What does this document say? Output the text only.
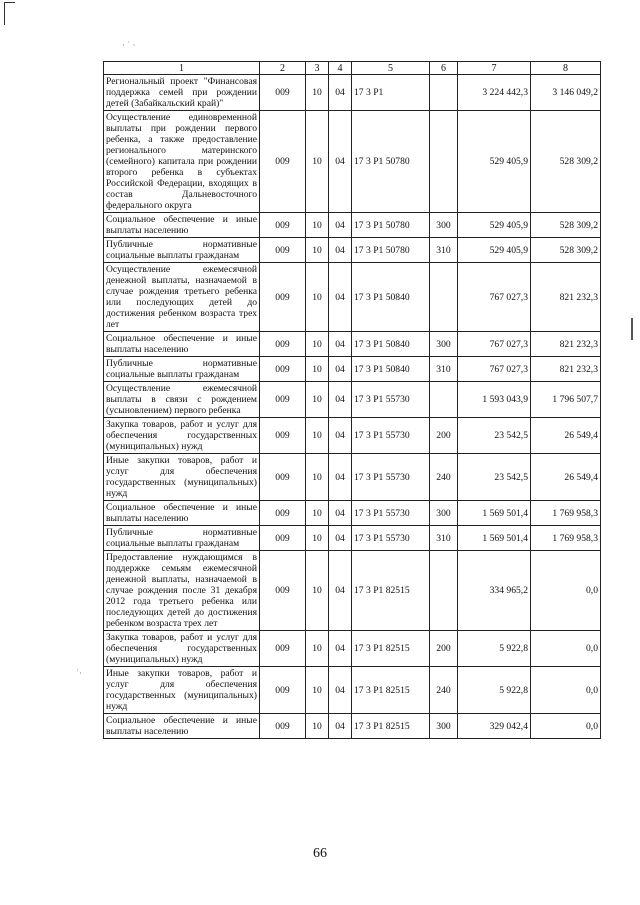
· ˙ ·
˙·
1	2	3	4	5	6	7	8
Региональный проект "Финансовая поддержка семей при рождении детей (Забайкальский край)"	009	10	04	17 3 P1		3 224 442,3	3 146 049,2
Осуществление единовременной выплаты при рождении первого ребенка, а также предоставление регионального материнского (семейного) капитала при рождении второго ребенка в субъектах Российской Федерации, входящих в состав Дальневосточного федерального округа	009	10	04	17 3 P1 50780		529 405,9	528 309,2
Социальное обеспечение и иные выплаты населению	009	10	04	17 3 P1 50780	300	529 405,9	528 309,2
Публичные нормативные социальные выплаты гражданам	009	10	04	17 3 P1 50780	310	529 405,9	528 309,2
Осуществление ежемесячной денежной выплаты, назначаемой в случае рождения третьего ребенка или последующих детей до достижения ребенком возраста трех лет	009	10	04	17 3 P1 50840		767 027,3	821 232,3
Социальное обеспечение и иные выплаты населению	009	10	04	17 3 P1 50840	300	767 027,3	821 232,3
Публичные нормативные социальные выплаты гражданам	009	10	04	17 3 P1 50840	310	767 027,3	821 232,3
Осуществление ежемесячной выплаты в связи с рождением (усыновлением) первого ребенка	009	10	04	17 3 P1 55730		1 593 043,9	1 796 507,7
Закупка товаров, работ и услуг для обеспечения государственных (муниципальных) нужд	009	10	04	17 3 P1 55730	200	23 542,5	26 549,4
Иные закупки товаров, работ и услуг для обеспечения государственных (муниципальных) нужд	009	10	04	17 3 P1 55730	240	23 542,5	26 549,4
Социальное обеспечение и иные выплаты населению	009	10	04	17 3 P1 55730	300	1 569 501,4	1 769 958,3
Публичные нормативные социальные выплаты гражданам	009	10	04	17 3 P1 55730	310	1 569 501,4	1 769 958,3
Предоставление нуждающимся в поддержке семьям ежемесячной денежной выплаты, назначаемой в случае рождения после 31 декабря 2012 года третьего ребенка или последующих детей до достижения ребенком возраста трех лет	009	10	04	17 3 P1 82515		334 965,2	0,0
Закупка товаров, работ и услуг для обеспечения государственных (муниципальных) нужд	009	10	04	17 3 P1 82515	200	5 922,8	0,0
Иные закупки товаров, работ и услуг для обеспечения государственных (муниципальных) нужд	009	10	04	17 3 P1 82515	240	5 922,8	0,0
Социальное обеспечение и иные выплаты населению	009	10	04	17 3 P1 82515	300	329 042,4	0,0
66
